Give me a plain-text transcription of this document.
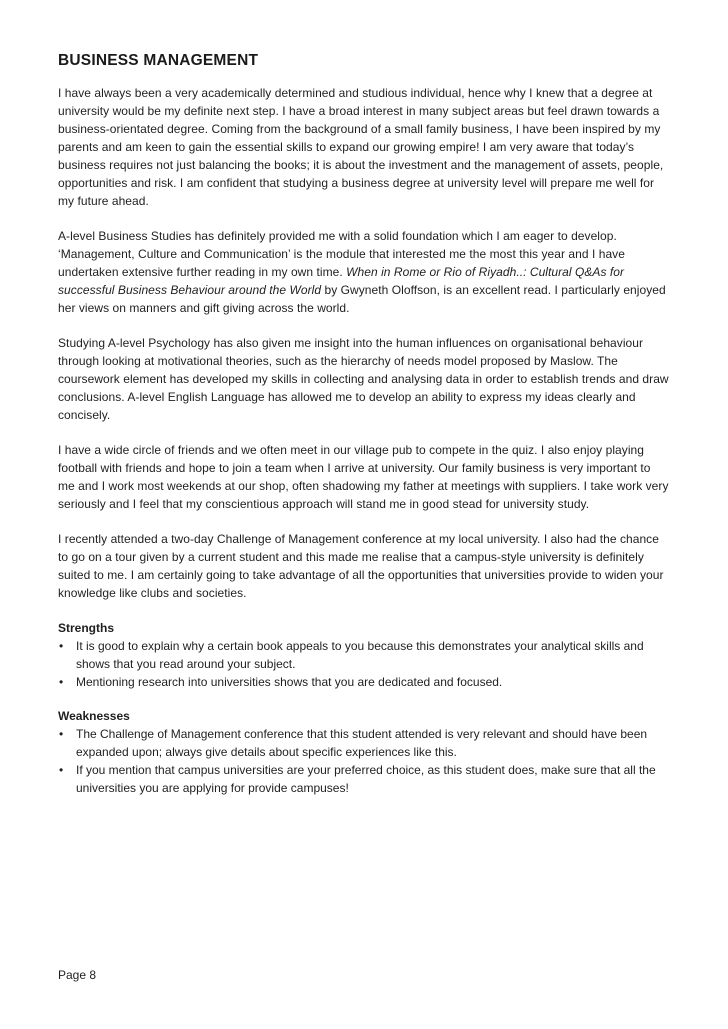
BUSINESS MANAGEMENT

I have always been a very academically determined and studious individual, hence why I knew that a degree at university would be my definite next step. I have a broad interest in many subject areas but feel drawn towards a business-orientated degree. Coming from the background of a small family business, I have been inspired by my parents and am keen to gain the essential skills to expand our growing empire! I am very aware that today’s business requires not just balancing the books; it is about the investment and the management of assets, people, opportunities and risk. I am confident that studying a business degree at university level will prepare me well for my future ahead.

A-level Business Studies has definitely provided me with a solid foundation which I am eager to develop. ‘Management, Culture and Communication’ is the module that interested me the most this year and I have undertaken extensive further reading in my own time. When in Rome or Rio of Riyadh..: Cultural Q&As for successful Business Behaviour around the World by Gwyneth Oloffson, is an excellent read. I particularly enjoyed her views on manners and gift giving across the world.

Studying A-level Psychology has also given me insight into the human influences on organisational behaviour through looking at motivational theories, such as the hierarchy of needs model proposed by Maslow. The coursework element has developed my skills in collecting and analysing data in order to establish trends and draw conclusions. A-level English Language has allowed me to develop an ability to express my ideas clearly and concisely.

I have a wide circle of friends and we often meet in our village pub to compete in the quiz. I also enjoy playing football with friends and hope to join a team when I arrive at university. Our family business is very important to me and I work most weekends at our shop, often shadowing my father at meetings with suppliers. I take work very seriously and I feel that my conscientious approach will stand me in good stead for university study.

I recently attended a two-day Challenge of Management conference at my local university. I also had the chance to go on a tour given by a current student and this made me realise that a campus-style university is definitely suited to me. I am certainly going to take advantage of all the opportunities that universities provide to widen your knowledge like clubs and societies.

Strengths
• It is good to explain why a certain book appeals to you because this demonstrates your analytical skills and shows that you read around your subject.
• Mentioning research into universities shows that you are dedicated and focused.
Weaknesses
• The Challenge of Management conference that this student attended is very relevant and should have been expanded upon; always give details about specific experiences like this.
• If you mention that campus universities are your preferred choice, as this student does, make sure that all the universities you are applying for provide campuses!
Page 8
